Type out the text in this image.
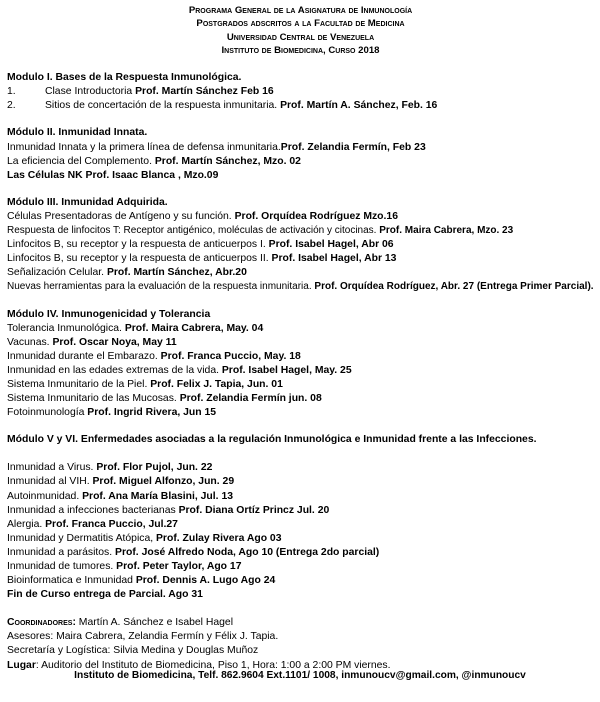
Programa General de la Asignatura de Inmunología
Postgrados adscritos a la Facultad de Medicina
Universidad Central de Venezuela
Instituto de Biomedicina, Curso 2018
Modulo I. Bases de la Respuesta Inmunológica.
1.	Clase Introductoria Prof. Martín Sánchez Feb 16
2.	Sitios de concertación de la respuesta inmunitaria. Prof. Martín A. Sánchez, Feb. 16
Módulo II. Inmunidad Innata.
Inmunidad Innata y la primera línea de defensa inmunitaria.Prof. Zelandia Fermín, Feb 23
La eficiencia del Complemento. Prof. Martín Sánchez, Mzo. 02
Las Células NK Prof. Isaac Blanca , Mzo.09
Módulo III. Inmunidad Adquirida.
Células Presentadoras de Antígeno y su función. Prof. Orquídea Rodríguez Mzo.16
Respuesta de linfocitos T: Receptor antigénico, moléculas de activación y citocinas. Prof. Maira Cabrera, Mzo. 23
Linfocitos B, su receptor y la respuesta de anticuerpos I. Prof. Isabel Hagel, Abr 06
Linfocitos B, su receptor y la respuesta de anticuerpos II. Prof. Isabel Hagel, Abr 13
Señalización Celular. Prof. Martín Sánchez, Abr.20
Nuevas herramientas para la evaluación de la respuesta inmunitaria. Prof. Orquídea Rodríguez, Abr. 27 (Entrega Primer Parcial).
Módulo IV. Inmunogenicidad y Tolerancia
Tolerancia Inmunológica. Prof. Maira Cabrera, May. 04
Vacunas. Prof. Oscar Noya, May 11
Inmunidad durante el Embarazo. Prof. Franca Puccio, May. 18
Inmunidad en las edades extremas de la vida. Prof. Isabel Hagel, May. 25
Sistema Inmunitario de la Piel. Prof. Felix J. Tapia, Jun. 01
Sistema Inmunitario de las Mucosas. Prof. Zelandia Fermín jun. 08
Fotoinmunología Prof. Ingrid Rivera, Jun 15
Módulo V y VI. Enfermedades asociadas a la regulación Inmunológica e Inmunidad frente a las Infecciones.
Inmunidad a Virus. Prof. Flor Pujol, Jun. 22
Inmunidad al VIH. Prof. Miguel Alfonzo, Jun. 29
Autoinmunidad. Prof. Ana María Blasini, Jul. 13
Inmunidad a infecciones bacterianas Prof. Diana Ortíz Princz Jul. 20
Alergia. Prof. Franca Puccio, Jul.27
Inmunidad y Dermatitis Atópica, Prof. Zulay Rivera Ago 03
Inmunidad a parásitos. Prof. José Alfredo Noda, Ago 10 (Entrega 2do parcial)
Inmunidad de tumores. Prof. Peter Taylor, Ago 17
Bioinformatica e Inmunidad Prof. Dennis A. Lugo Ago 24
Fin de Curso entrega de Parcial. Ago 31
Coordinadores: Martín A. Sánchez e Isabel Hagel
Asesores: Maira Cabrera, Zelandia Fermín y Félix J. Tapia.
Secretaría y Logística: Silvia Medina y Douglas Muñoz
Lugar: Auditorio del Instituto de Biomedicina, Piso 1, Hora: 1:00 a 2:00 PM viernes.
Instituto de Biomedicina, Telf. 862.9604 Ext.1101/ 1008, inmunoucv@gmail.com, @inmunoucv
